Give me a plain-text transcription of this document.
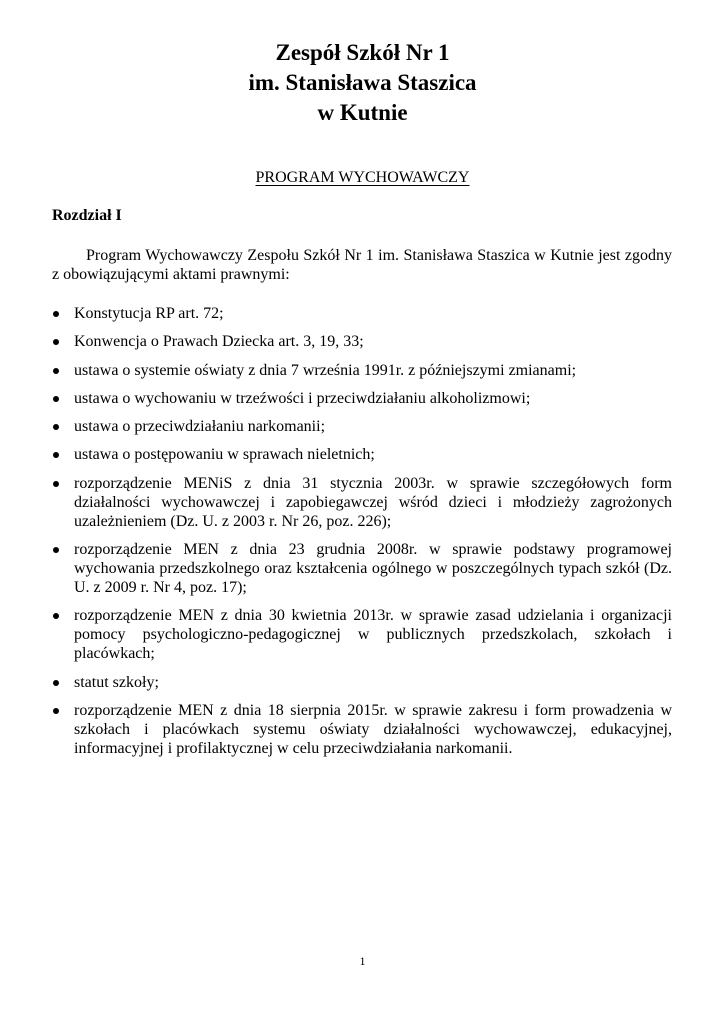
Zespół Szkół Nr 1
im. Stanisława Staszica
w Kutnie
PROGRAM WYCHOWAWCZY
Rozdział I

Program Wychowawczy Zespołu Szkół Nr 1 im. Stanisława Staszica w Kutnie jest zgodny z obowiązującymi aktami prawnymi:

Konstytucja RP art. 72;
Konwencja o Prawach Dziecka art. 3, 19, 33;
ustawa o systemie oświaty z dnia 7 września 1991r. z późniejszymi zmianami;
ustawa o wychowaniu w trzeźwości i przeciwdziałaniu alkoholizmowi;
ustawa o przeciwdziałaniu narkomanii;
ustawa o postępowaniu w sprawach nieletnich;
rozporządzenie MENiS z dnia 31 stycznia 2003r. w sprawie szczegółowych form działalności wychowawczej i zapobiegawczej wśród dzieci i młodzieży zagrożonych uzależnieniem (Dz. U. z 2003 r. Nr 26, poz. 226);
rozporządzenie MEN z dnia 23 grudnia 2008r. w sprawie podstawy programowej wychowania przedszkolnego oraz kształcenia ogólnego w poszczególnych typach szkół (Dz. U. z 2009 r. Nr 4, poz. 17);
rozporządzenie MEN z dnia 30 kwietnia 2013r. w sprawie zasad udzielania i organizacji pomocy psychologiczno-pedagogicznej w publicznych przedszkolach, szkołach i placówkach;
statut szkoły;
rozporządzenie MEN z dnia 18 sierpnia 2015r. w sprawie zakresu i form prowadzenia w szkołach i placówkach systemu oświaty działalności wychowawczej, edukacyjnej, informacyjnej i profilaktycznej w celu przeciwdziałania narkomanii.
1
